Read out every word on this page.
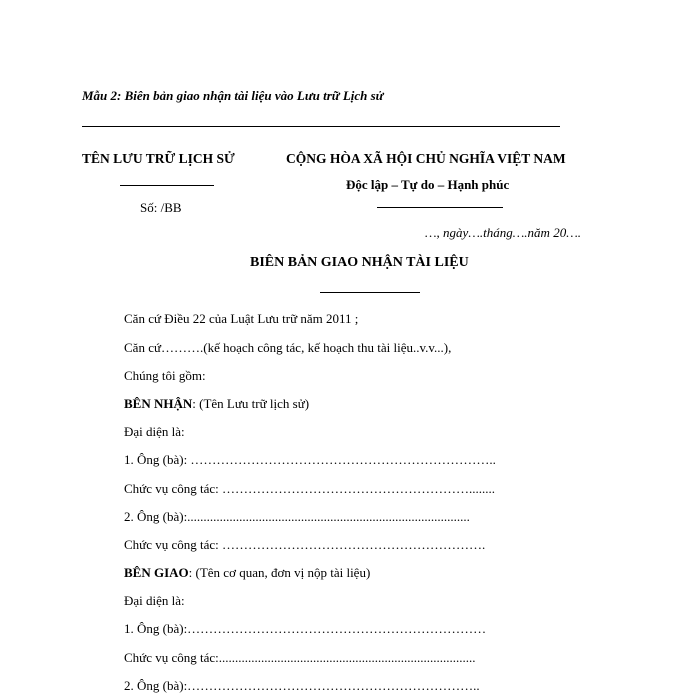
Mẫu 2: Biên bản giao nhận tài liệu vào Lưu trữ Lịch sử
TÊN LƯU TRỮ LỊCH SỬ
Số: /BB
CỘNG HÒA XÃ HỘI CHỦ NGHĨA VIỆT NAM
Độc lập – Tự do – Hạnh phúc
…, ngày….tháng….năm 20….
BIÊN BẢN GIAO NHẬN TÀI LIỆU
Căn cứ Điều 22 của Luật Lưu trữ năm 2011 ;
Căn cứ……….(kế hoạch công tác, kế hoạch thu tài liệu..v.v...),
Chúng tôi gồm:
BÊN NHẬN: (Tên Lưu trữ lịch sử)
Đại diện là:
1. Ông (bà): ……………………………………………………………..
Chức vụ công tác: …………………………………………………........
2. Ông (bà):.......................................................................................
Chức vụ công tác: …………………………………………………….
BÊN GIAO: (Tên cơ quan, đơn vị nộp tài liệu)
Đại diện là:
1. Ông (bà):……………………………………………………………
Chức vụ công tác:...............................................................................
2. Ông (bà):…………………………………………………………..
